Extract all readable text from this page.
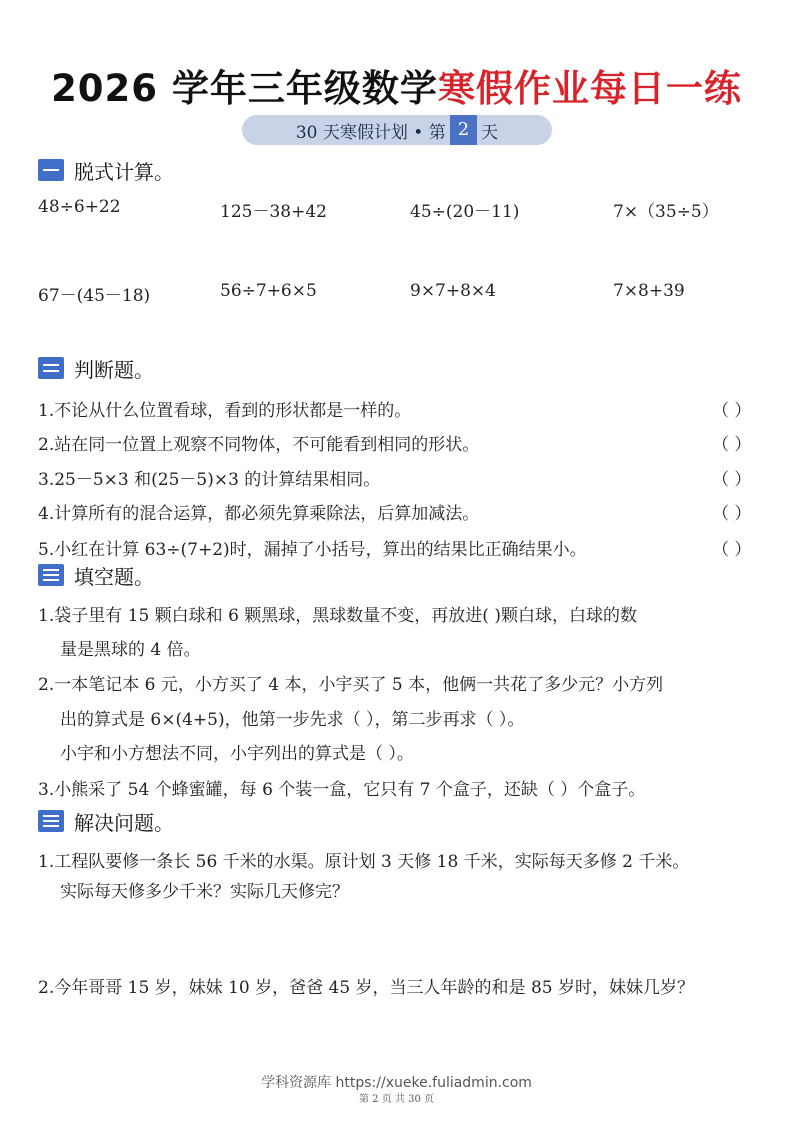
2026 学年三年级数学寒假作业每日一练
30 天寒假计划 • 第 2 天
脱式计算。
48÷6+22	125－38+42	45÷(20－11)	7×（35÷5）
67－(45－18)	56÷7+6×5	9×7+8×4	7×8+39
判断题。
1.不论从什么位置看球，看到的形状都是一样的。	（ ）
2.站在同一位置上观察不同物体，不可能看到相同的形状。	（ ）
3.25－5×3 和(25－5)×3 的计算结果相同。	（ ）
4.计算所有的混合运算，都必须先算乘除法，后算加减法。	（ ）
5.小红在计算 63÷(7+2)时，漏掉了小括号，算出的结果比正确结果小。	（ ）
填空题。
1.袋子里有 15 颗白球和 6 颗黑球，黑球数量不变，再放进( )颗白球，白球的数
量是黑球的 4 倍。
2.一本笔记本 6 元，小方买了 4 本，小宇买了 5 本，他俩一共花了多少元？小方列
出的算式是 6×(4+5)，他第一步先求（ ），第二步再求（ ）。
小宇和小方想法不同，小宇列出的算式是（ ）。
3.小熊采了 54 个蜂蜜罐，每 6 个装一盒，它只有 7 个盒子，还缺（ ）个盒子。
解决问题。
1.工程队要修一条长 56 千米的水渠。原计划 3 天修 18 千米，实际每天多修 2 千米。
实际每天修多少千米？实际几天修完？
2.今年哥哥 15 岁，妹妹 10 岁，爸爸 45 岁，当三人年龄的和是 85 岁时，妹妹几岁？
学科资源库 https://xueke.fuliadmin.com
第 2 页 共 30 页
